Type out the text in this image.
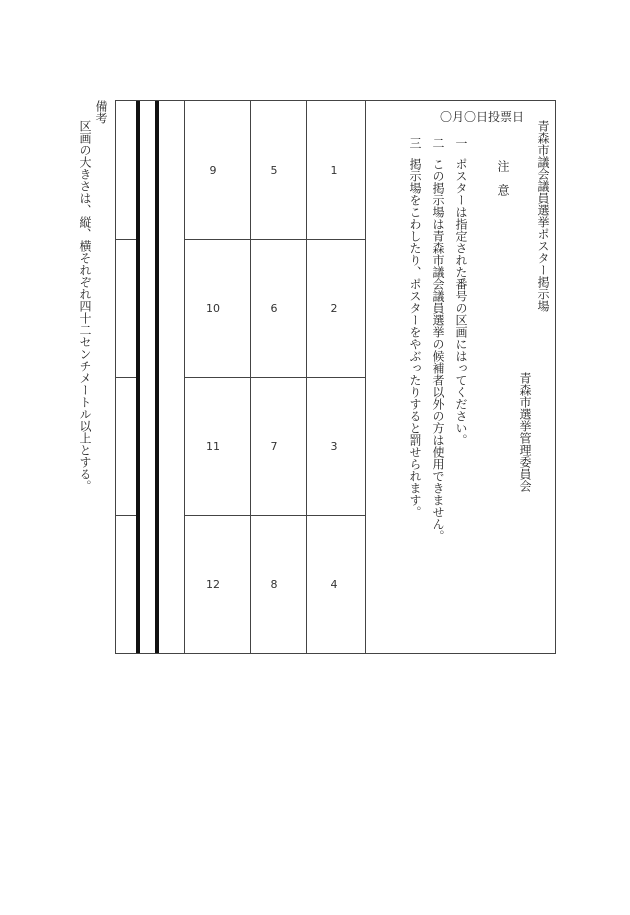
1
2
3
4
5
6
7
8
9
10
11
12
青森市議会議員選挙ポスター掲示場
青森市選挙管理委員会
〇月〇日投票日
注　意
一
ポスターは指定された番号の区画にはってください。
二
この掲示場は青森市議会議員選挙の候補者以外の方は使用できません。
三
掲示場をこわしたり、ポスターをやぶったりすると罰せられます。
備考
区画の大きさは、縦、横それぞれ四十二センチメートル以上とする。
